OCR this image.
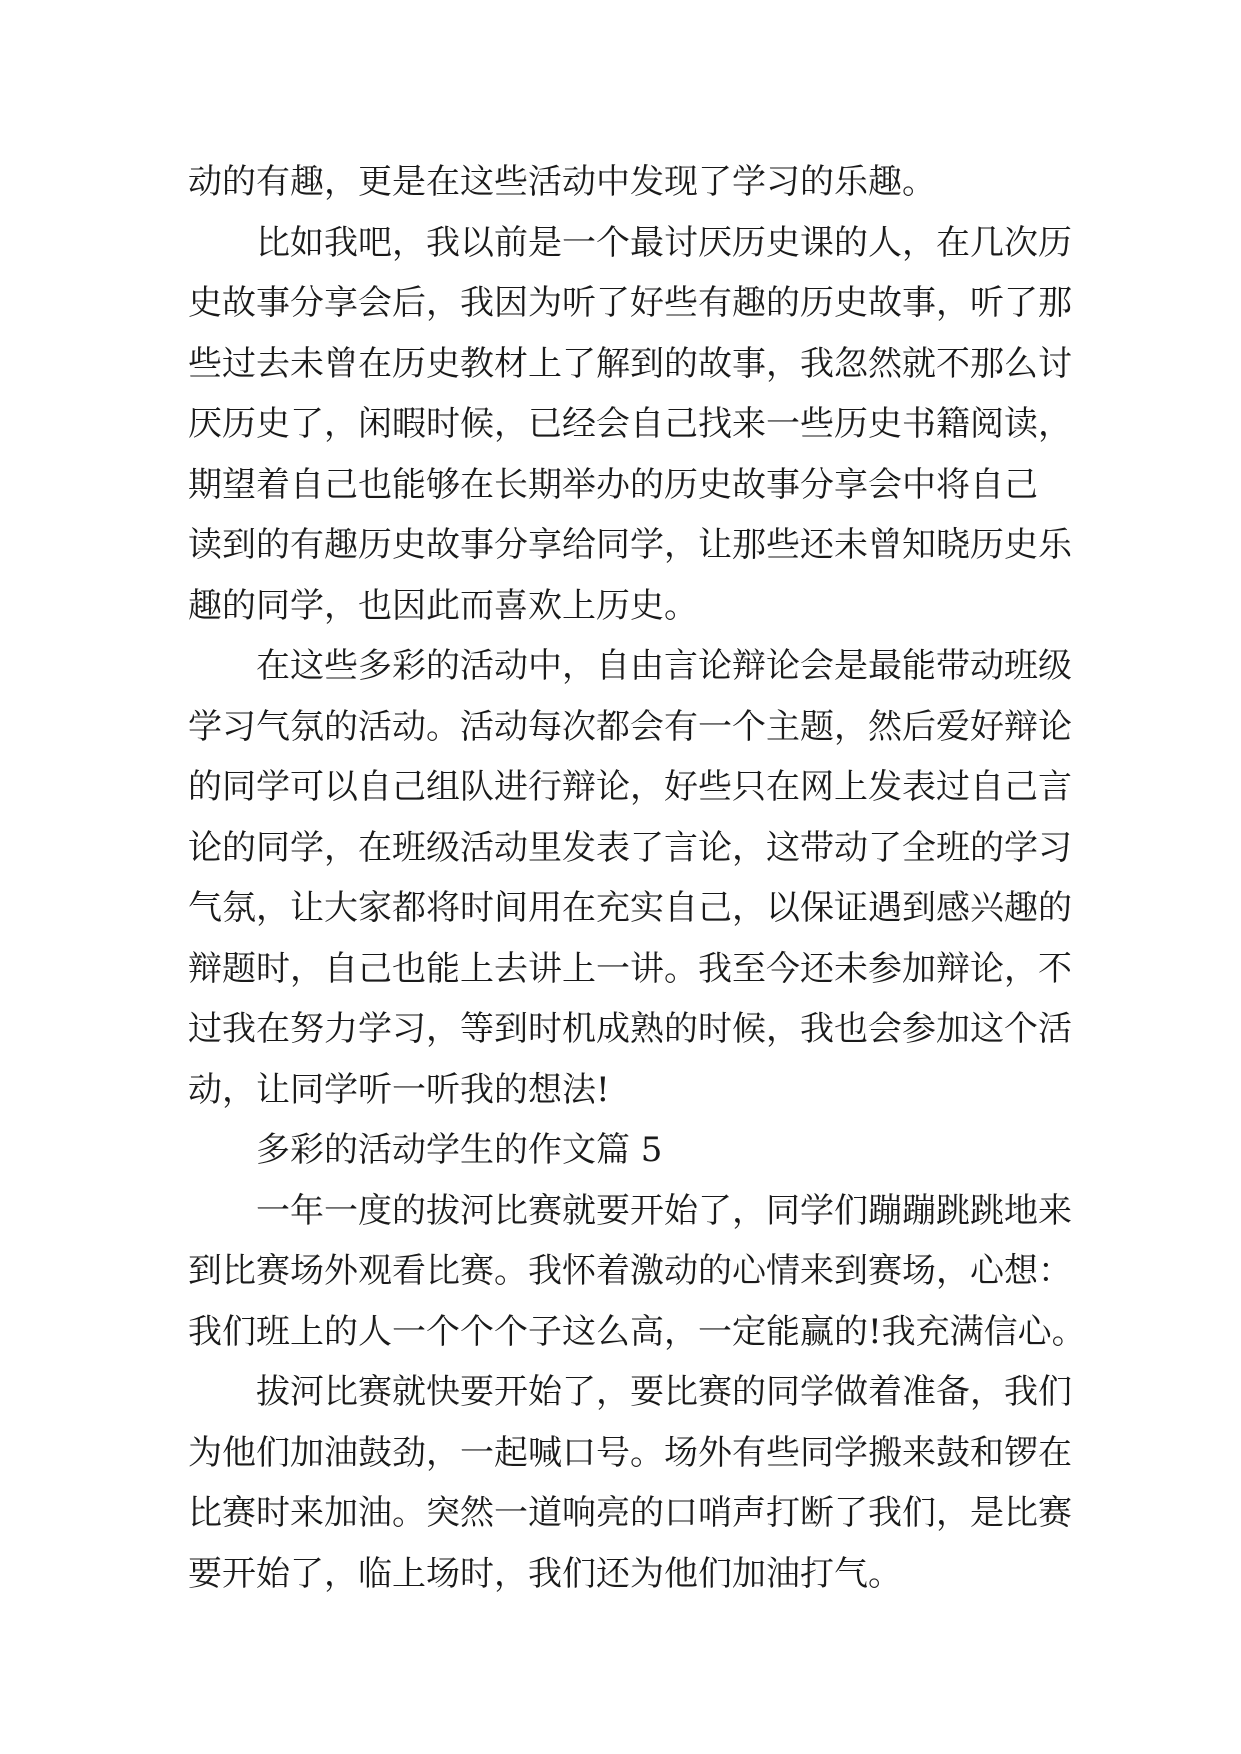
动的有趣，更是在这些活动中发现了学习的乐趣。
比如我吧，我以前是一个最讨厌历史课的人，在几次历
史故事分享会后，我因为听了好些有趣的历史故事，听了那
些过去未曾在历史教材上了解到的故事，我忽然就不那么讨
厌历史了，闲暇时候，已经会自己找来一些历史书籍阅读，
期望着自己也能够在长期举办的历史故事分享会中将自己
读到的有趣历史故事分享给同学，让那些还未曾知晓历史乐
趣的同学，也因此而喜欢上历史。
在这些多彩的活动中，自由言论辩论会是最能带动班级
学习气氛的活动。活动每次都会有一个主题，然后爱好辩论
的同学可以自己组队进行辩论，好些只在网上发表过自己言
论的同学，在班级活动里发表了言论，这带动了全班的学习
气氛，让大家都将时间用在充实自己，以保证遇到感兴趣的
辩题时，自己也能上去讲上一讲。我至今还未参加辩论，不
过我在努力学习，等到时机成熟的时候，我也会参加这个活
动，让同学听一听我的想法!
多彩的活动学生的作文篇 5
一年一度的拔河比赛就要开始了，同学们蹦蹦跳跳地来
到比赛场外观看比赛。我怀着激动的心情来到赛场，心想：
我们班上的人一个个个子这么高，一定能赢的!我充满信心。
拔河比赛就快要开始了，要比赛的同学做着准备，我们
为他们加油鼓劲，一起喊口号。场外有些同学搬来鼓和锣在
比赛时来加油。突然一道响亮的口哨声打断了我们，是比赛
要开始了，临上场时，我们还为他们加油打气。
